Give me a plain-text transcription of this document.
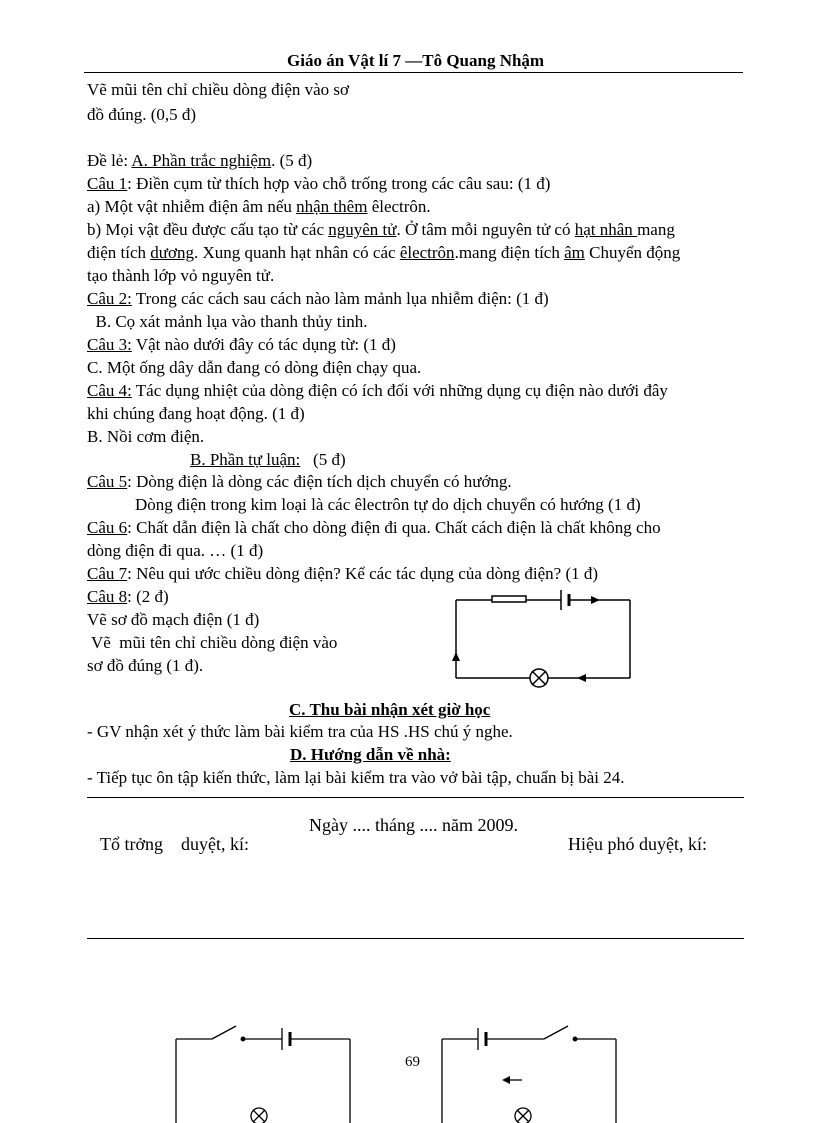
Giáo án Vật lí 7 —Tô Quang Nhậm
Vẽ mũi tên chỉ chiều dòng điện vào sơ
đồ đúng. (0,5 đ)
Đề lẻ: A. Phần trắc nghiệm. (5 đ)
Câu 1: Điền cụm từ thích hợp vào chỗ trống trong các câu sau: (1 đ)
a) Một vật nhiễm điện âm nếu nhận thêm êlectrôn.
b) Mọi vật đều được cấu tạo từ các nguyên tử. Ở tâm mỗi nguyên tử có hạt nhân mang
điện tích dương. Xung quanh hạt nhân có các êlectrôn.mang điện tích âm Chuyển động
tạo thành lớp vỏ nguyên tử.
Câu 2: Trong các cách sau cách nào làm mảnh lụa nhiễm điện: (1 đ)
B. Cọ xát mảnh lụa vào thanh thủy tinh.
Câu 3: Vật nào dưới đây có tác dụng từ: (1 đ)
C. Một ống dây dẫn đang có dòng điện chạy qua.
Câu 4: Tác dụng nhiệt của dòng điện có ích đối với những dụng cụ điện nào dưới đây
khi chúng đang hoạt động. (1 đ)
B. Nồi cơm điện.
B. Phần tự luận:   (5 đ)
Câu 5: Dòng điện là dòng các điện tích dịch chuyển có hướng.
Dòng điện trong kim loại là các êlectrôn tự do dịch chuyển có hướng (1 đ)
Câu 6: Chất dẫn điện là chất cho dòng điện đi qua. Chất cách điện là chất không cho
dòng điện đi qua. … (1 đ)
Câu 7: Nêu qui ước chiều dòng điện? Kể các tác dụng của dòng điện? (1 đ)
Câu 8: (2 đ)
Vẽ sơ đồ mạch điện (1 đ)
Vẽ  mũi tên chỉ chiều dòng điện vào
sơ đồ đúng (1 đ).
C. Thu bài nhận xét giờ học
- GV nhận xét ý thức làm bài kiểm tra của HS .HS chú ý nghe.
D. Hướng dẫn về nhà:
- Tiếp tục ôn tập kiến thức, làm lại bài kiểm tra vào vở bài tập, chuẩn bị bài 24.
Ngày .... tháng .... năm 2009.
Tổ trởng    duyệt, kí:	Hiệu phó duyệt, kí:
69
